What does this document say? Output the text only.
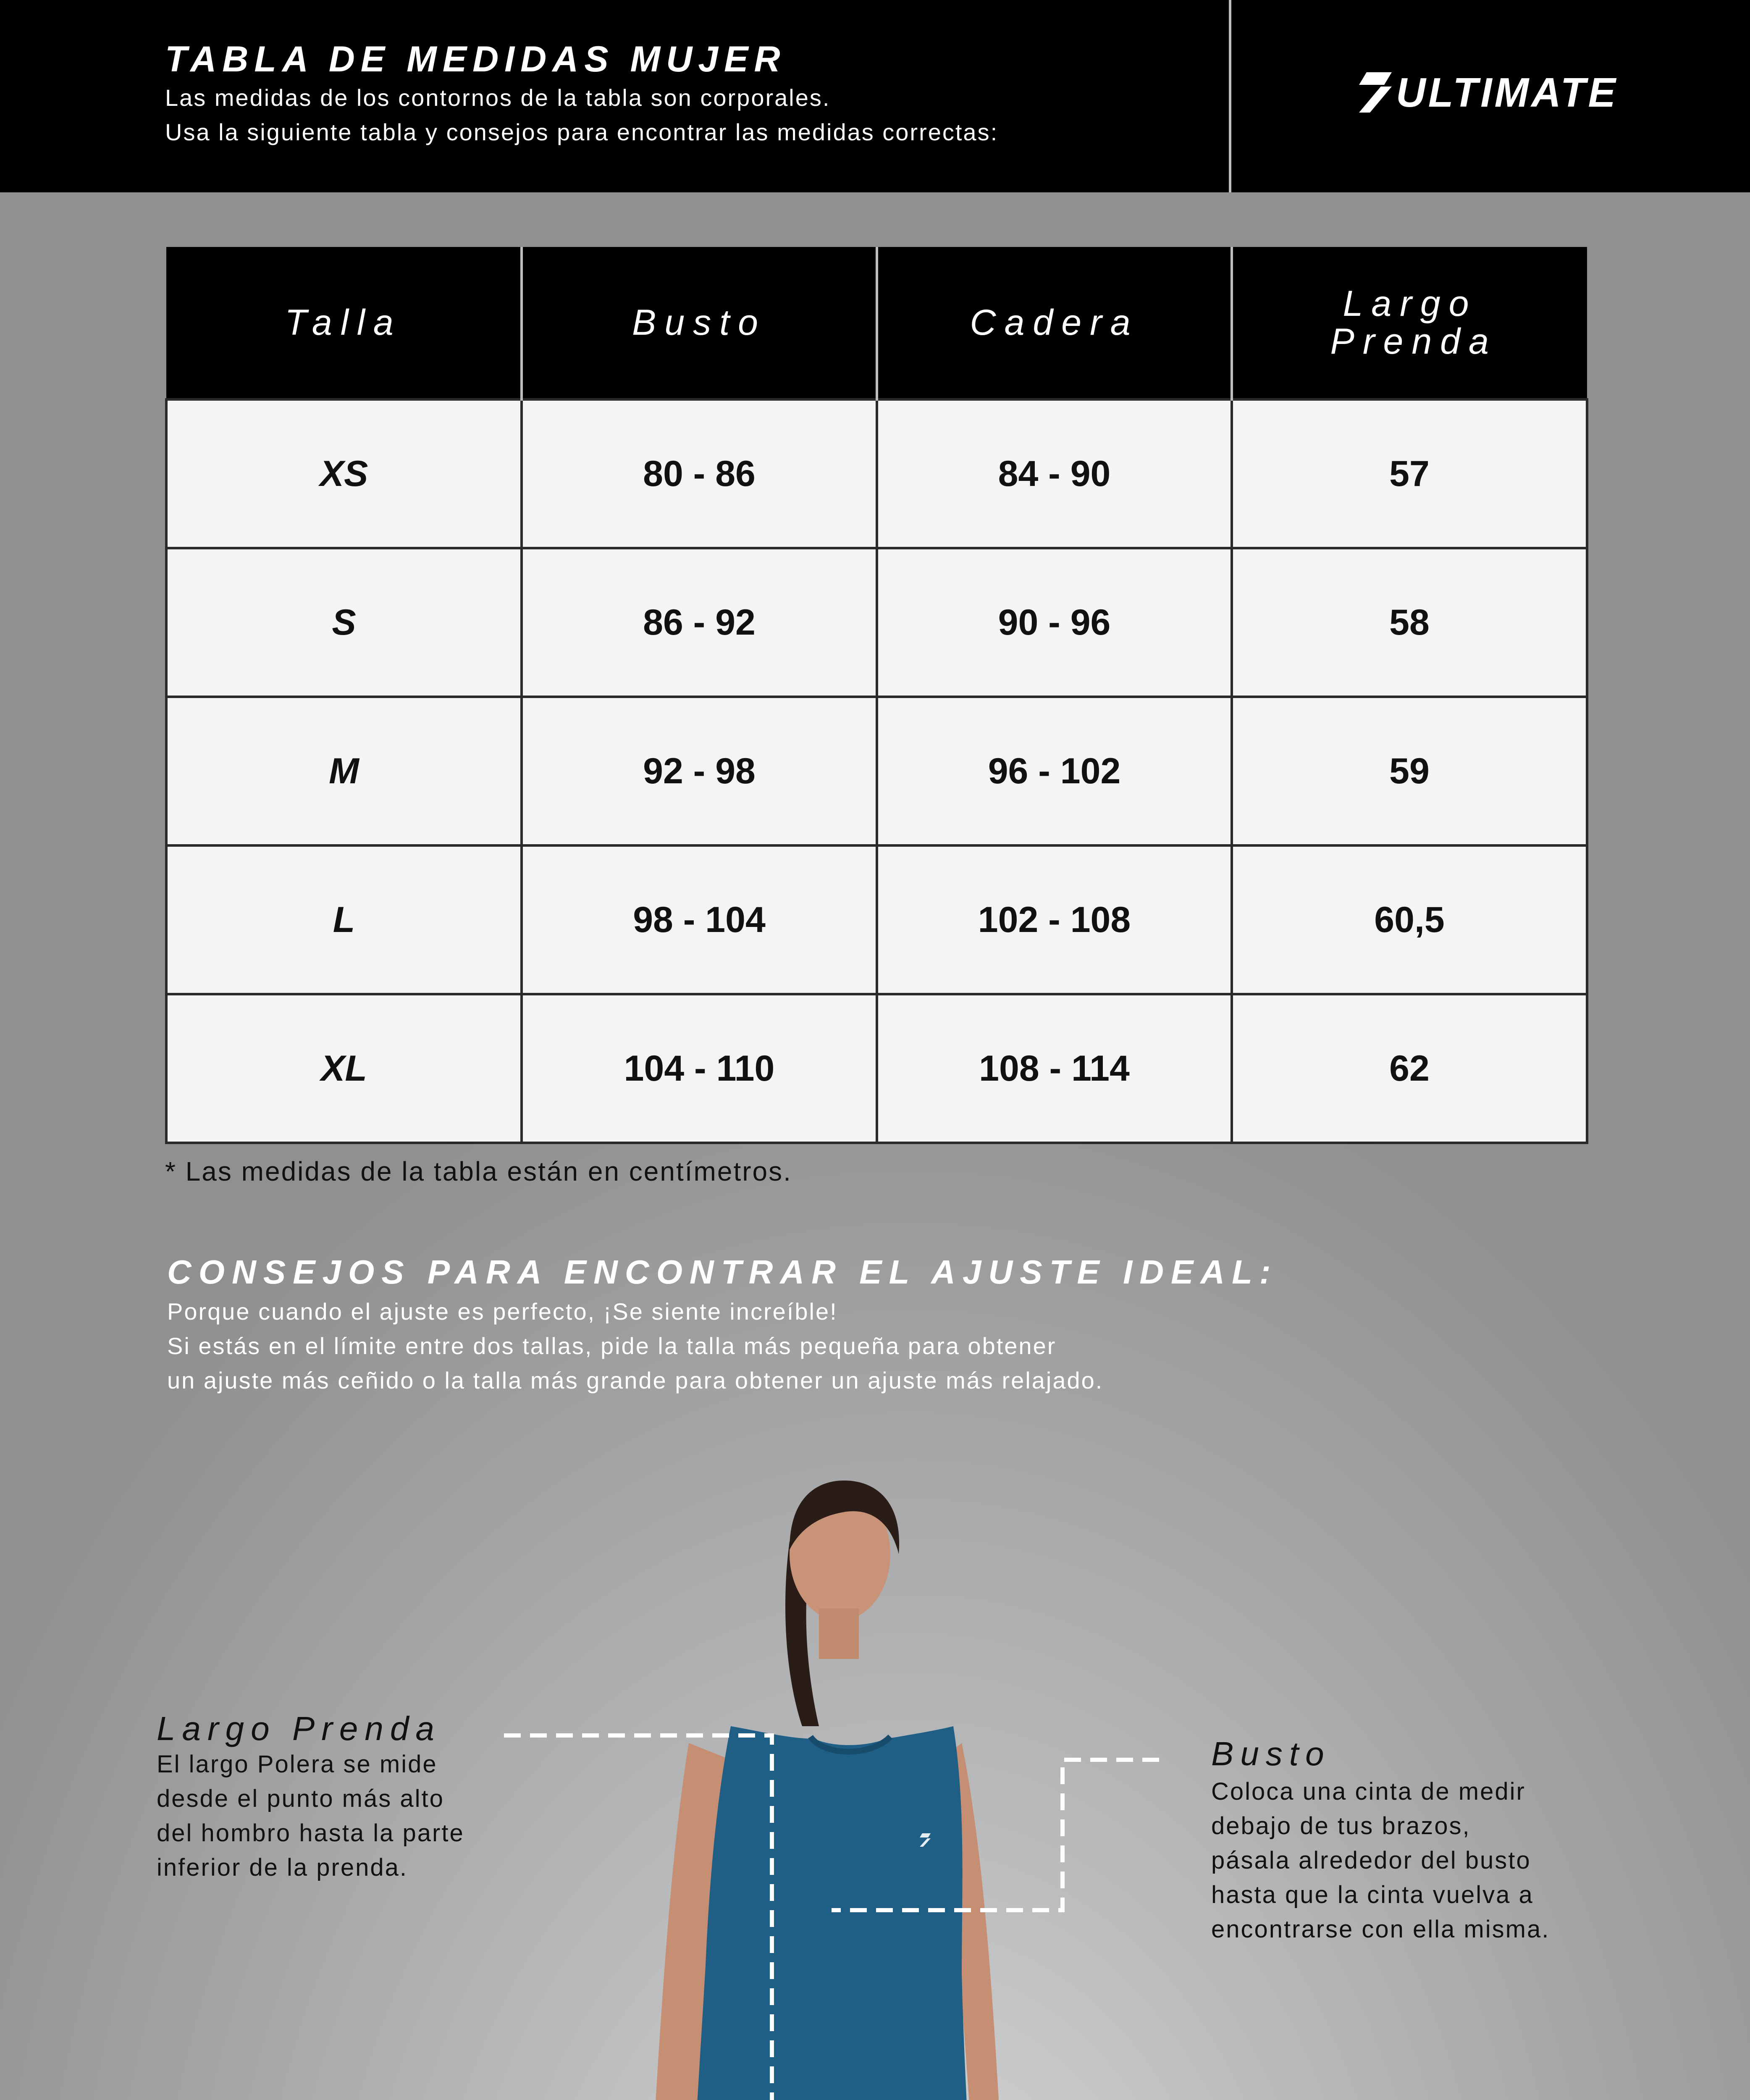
TABLA DE MEDIDAS MUJER
Las medidas de los contornos de la tabla son corporales.
Usa la siguiente tabla y consejos para encontrar las medidas correctas:
ULTIMATE
Talla	Busto	Cadera	Largo Prenda

XS	80 - 86	84 - 90	57
S	86 - 92	90 - 96	58
M	92 - 98	96 - 102	59
L	98 - 104	102 - 108	60,5
XL	104 - 110	108 - 114	62
* Las medidas de la tabla están en centímetros.
CONSEJOS PARA ENCONTRAR EL AJUSTE IDEAL:
Porque cuando el ajuste es perfecto, ¡Se siente increíble!
Si estás en el límite entre dos tallas, pide la talla más pequeña para obtener
un ajuste más ceñido o la talla más grande para obtener un ajuste más relajado.
Largo Prenda
El largo Polera se mide
desde el punto más alto
del hombro hasta la parte
inferior de la prenda.
Busto
Coloca una cinta de medir
debajo de tus brazos,
pásala alrededor del busto
hasta que la cinta vuelva a
encontrarse con ella misma.
